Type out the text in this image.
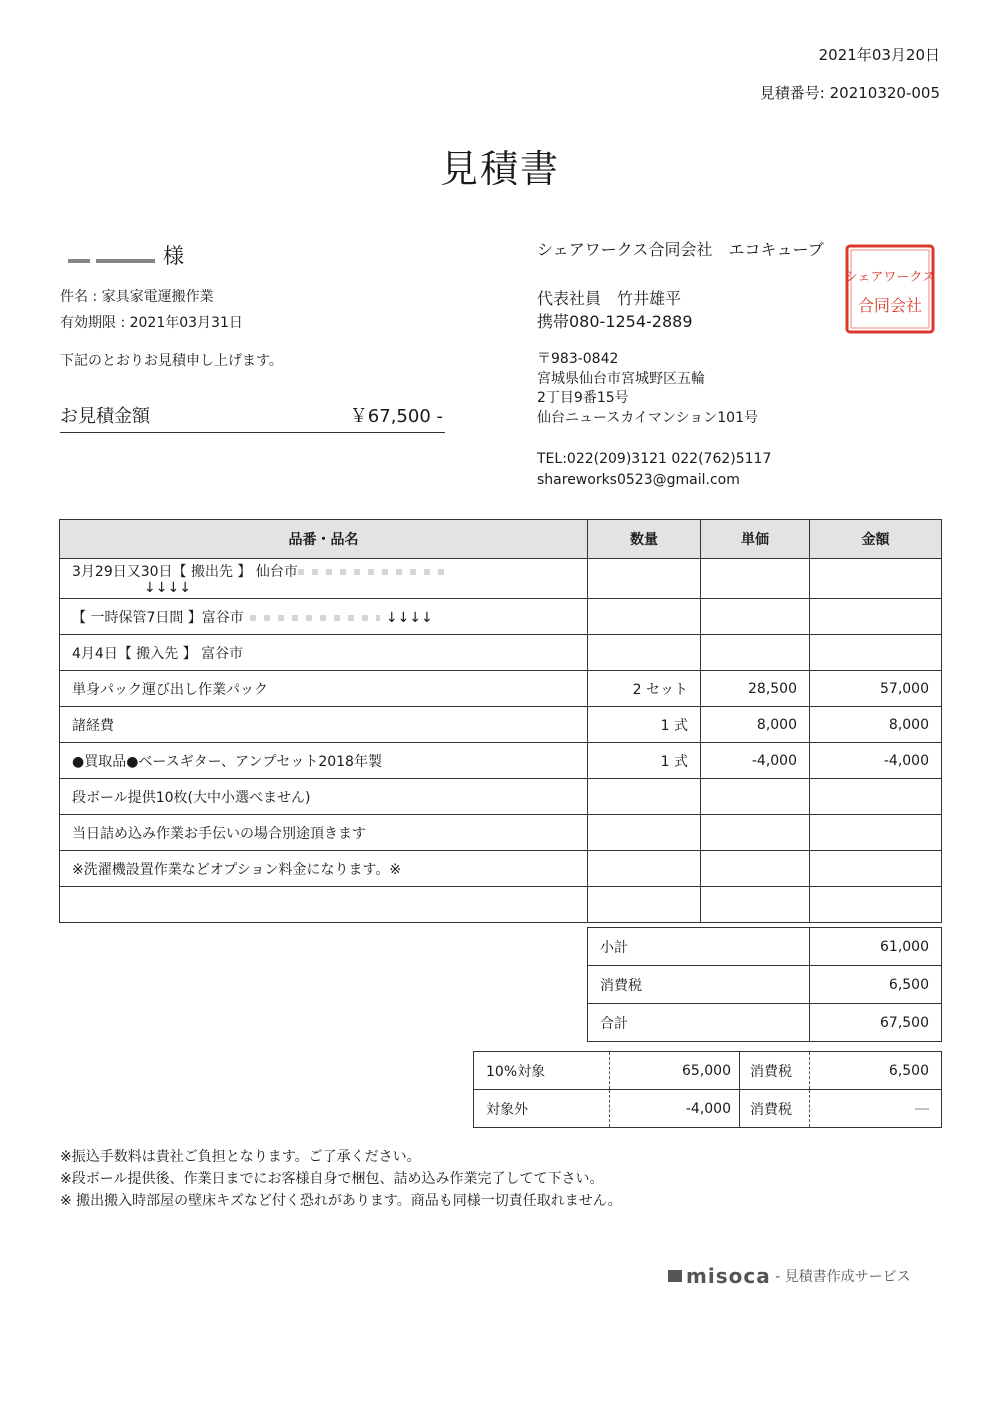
2021年03月20日
見積番号: 20210320-005
見積書
様
件名 : 家具家電運搬作業
有効期限 : 2021年03月31日
下記のとおりお見積申し上げます。
お見積金額	￥67,500 -
シェアワークス合同会社　エコキューブ
代表社員　竹井雄平
携帯080-1254-2889
〒983-0842
宮城県仙台市宮城野区五輪
2丁目9番15号
仙台ニュースカイマンション101号
TEL:022(209)3121 022(762)5117
shareworks0523@gmail.com
シェアワークス
合同会社
品番・品名	数量	単価	金額

3月29日又30日【 搬出先 】 仙台市
↓↓↓↓			

【 一時保管7日間 】富谷市 ↓↓↓↓			
4月4日【 搬入先 】 富谷市			
単身パック運び出し作業パック	2 セット	28,500	57,000
諸経費	1 式	8,000	8,000
●買取品●ベースギター、アンプセット2018年製	1 式	-4,000	-4,000
段ボール提供10枚(大中小選べません)			
当日詰め込み作業お手伝いの場合別途頂きます			
※洗濯機設置作業などオプション料金になります。※			

小計	61,000
消費税	6,500
合計	67,500
10%対象	65,000	消費税	6,500
対象外	-4,000	消費税	―
※振込手数料は貴社ご負担となります。ご了承ください。
※段ボール提供後、作業日までにお客様自身で梱包、詰め込み作業完了してて下さい。
※ 搬出搬入時部屋の壁床キズなど付く恐れがあります。商品も同様一切責任取れません。
misoca - 見積書作成サービス
